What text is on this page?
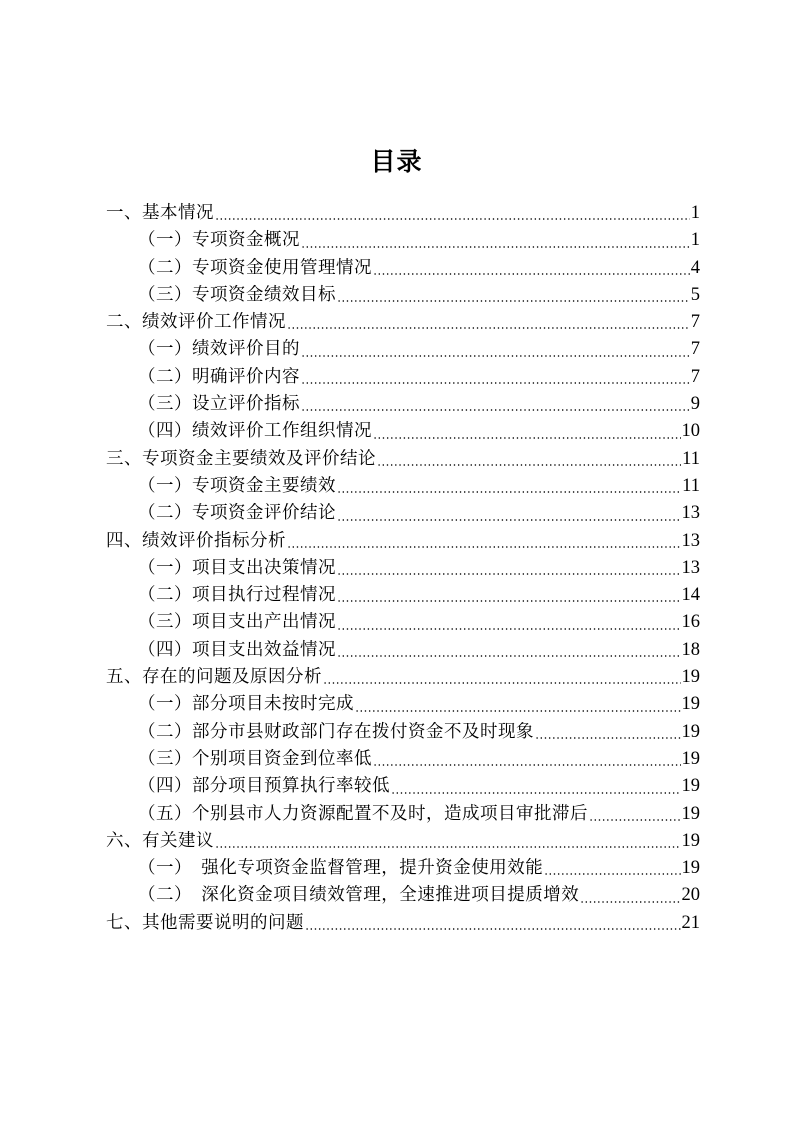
目录
一、基本情况	1
（一）专项资金概况	1
（二）专项资金使用管理情况	4
（三）专项资金绩效目标	5
二、绩效评价工作情况	7
（一）绩效评价目的	7
（二）明确评价内容	7
（三）设立评价指标	9
（四）绩效评价工作组织情况	10
三、专项资金主要绩效及评价结论	11
（一）专项资金主要绩效	11
（二）专项资金评价结论	13
四、绩效评价指标分析	13
（一）项目支出决策情况	13
（二）项目执行过程情况	14
（三）项目支出产出情况	16
（四）项目支出效益情况	18
五、存在的问题及原因分析	19
（一）部分项目未按时完成	19
（二）部分市县财政部门存在拨付资金不及时现象	19
（三）个别项目资金到位率低	19
（四）部分项目预算执行率较低	19
（五）个别县市人力资源配置不及时，造成项目审批滞后	19
六、有关建议	19
（一）　强化专项资金监督管理，提升资金使用效能	19
（二）　深化资金项目绩效管理，全速推进项目提质增效	20
七、其他需要说明的问题	21
